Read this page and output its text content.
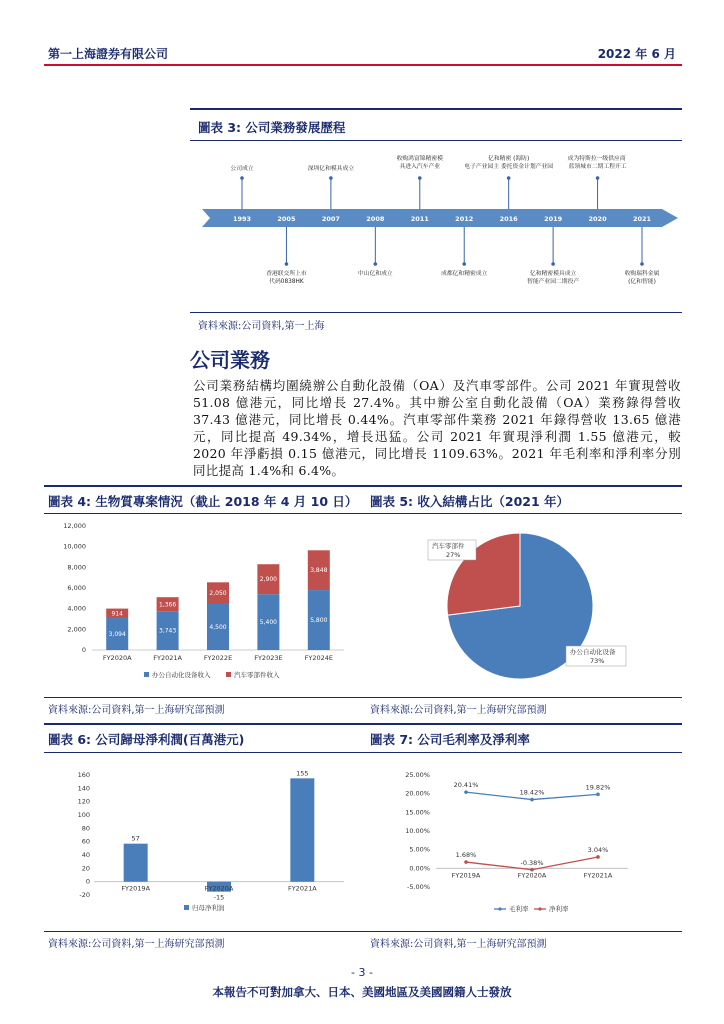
第一上海證券有限公司	2022 年 6 月
圖表 3: 公司業務發展歷程
1993	2005	2007	2008	2011	2012	2016	2019	2020	2021
公司成立	深圳亿和模具成立
收购鸿富锦精密模具进入汽车产业
亿和精密 (海防)电子产业园主 委托资金计划产业园
成为特斯拉一级供应商 蓝领城市二期工程开工
香港联交所上市代码0838HK
中山亿和成立	成都亿和精密成立	亿和精密模具成立智能产业园二期投产
收购瑞科金属(亿和智能)
資料來源:公司資料,第一上海
公司業務
公司業務結構均圍繞辦公自動化設備（OA）及汽車零部件。公司 2021 年實現營收 51.08 億港元，同比增長 27.4%。其中辦公室自動化設備（OA）業務錄得營收 37.43 億港元，同比增長 0.44%。汽車零部件業務 2021 年錄得營收 13.65 億港元，同比提高 49.34%，增長迅猛。公司 2021 年實現淨利潤 1.55 億港元，較 2020 年淨虧損 0.15 億港元，同比增長 1109.63%。2021 年毛利率和淨利率分別同比提高 1.4%和 6.4%。
圖表 4: 生物質專案情況（截止 2018 年 4 月 10 日） 圖表 5: 收入結構占比（2021 年）
0
2,000
4,000
6,000
8,000
10,000
12,000
3,094
914
FY2020A
3,743
1,366
FY2021A
4,500
2,050
FY2022E
5,400
2,900
FY2023E
5,800
3,848
FY2024E
办公自动化设备收入	汽车零部件收入
汽车零部件
27%
办公自动化设备
73%
資料來源:公司資料,第一上海研究部預測	資料來源:公司資料,第一上海研究部預測
圖表 6: 公司歸母淨利潤(百萬港元)	圖表 7: 公司毛利率及淨利率
-20
0
20
40
60
80
100
120
140
160
57
FY2019A
-15
FY2020A
155
FY2021A
归母净利润
-5.00%
0.00%
5.00%
10.00%
15.00%
20.00%
25.00%
20.41%
18.42%
19.82%
1.68%
-0.38%
3.04%
FY2019A	FY2020A	FY2021A
毛利率	净利率
資料來源:公司資料,第一上海研究部預測	資料來源:公司資料,第一上海研究部預測
- 3 -
本報告不可對加拿大、日本、美國地區及美國國籍人士發放
